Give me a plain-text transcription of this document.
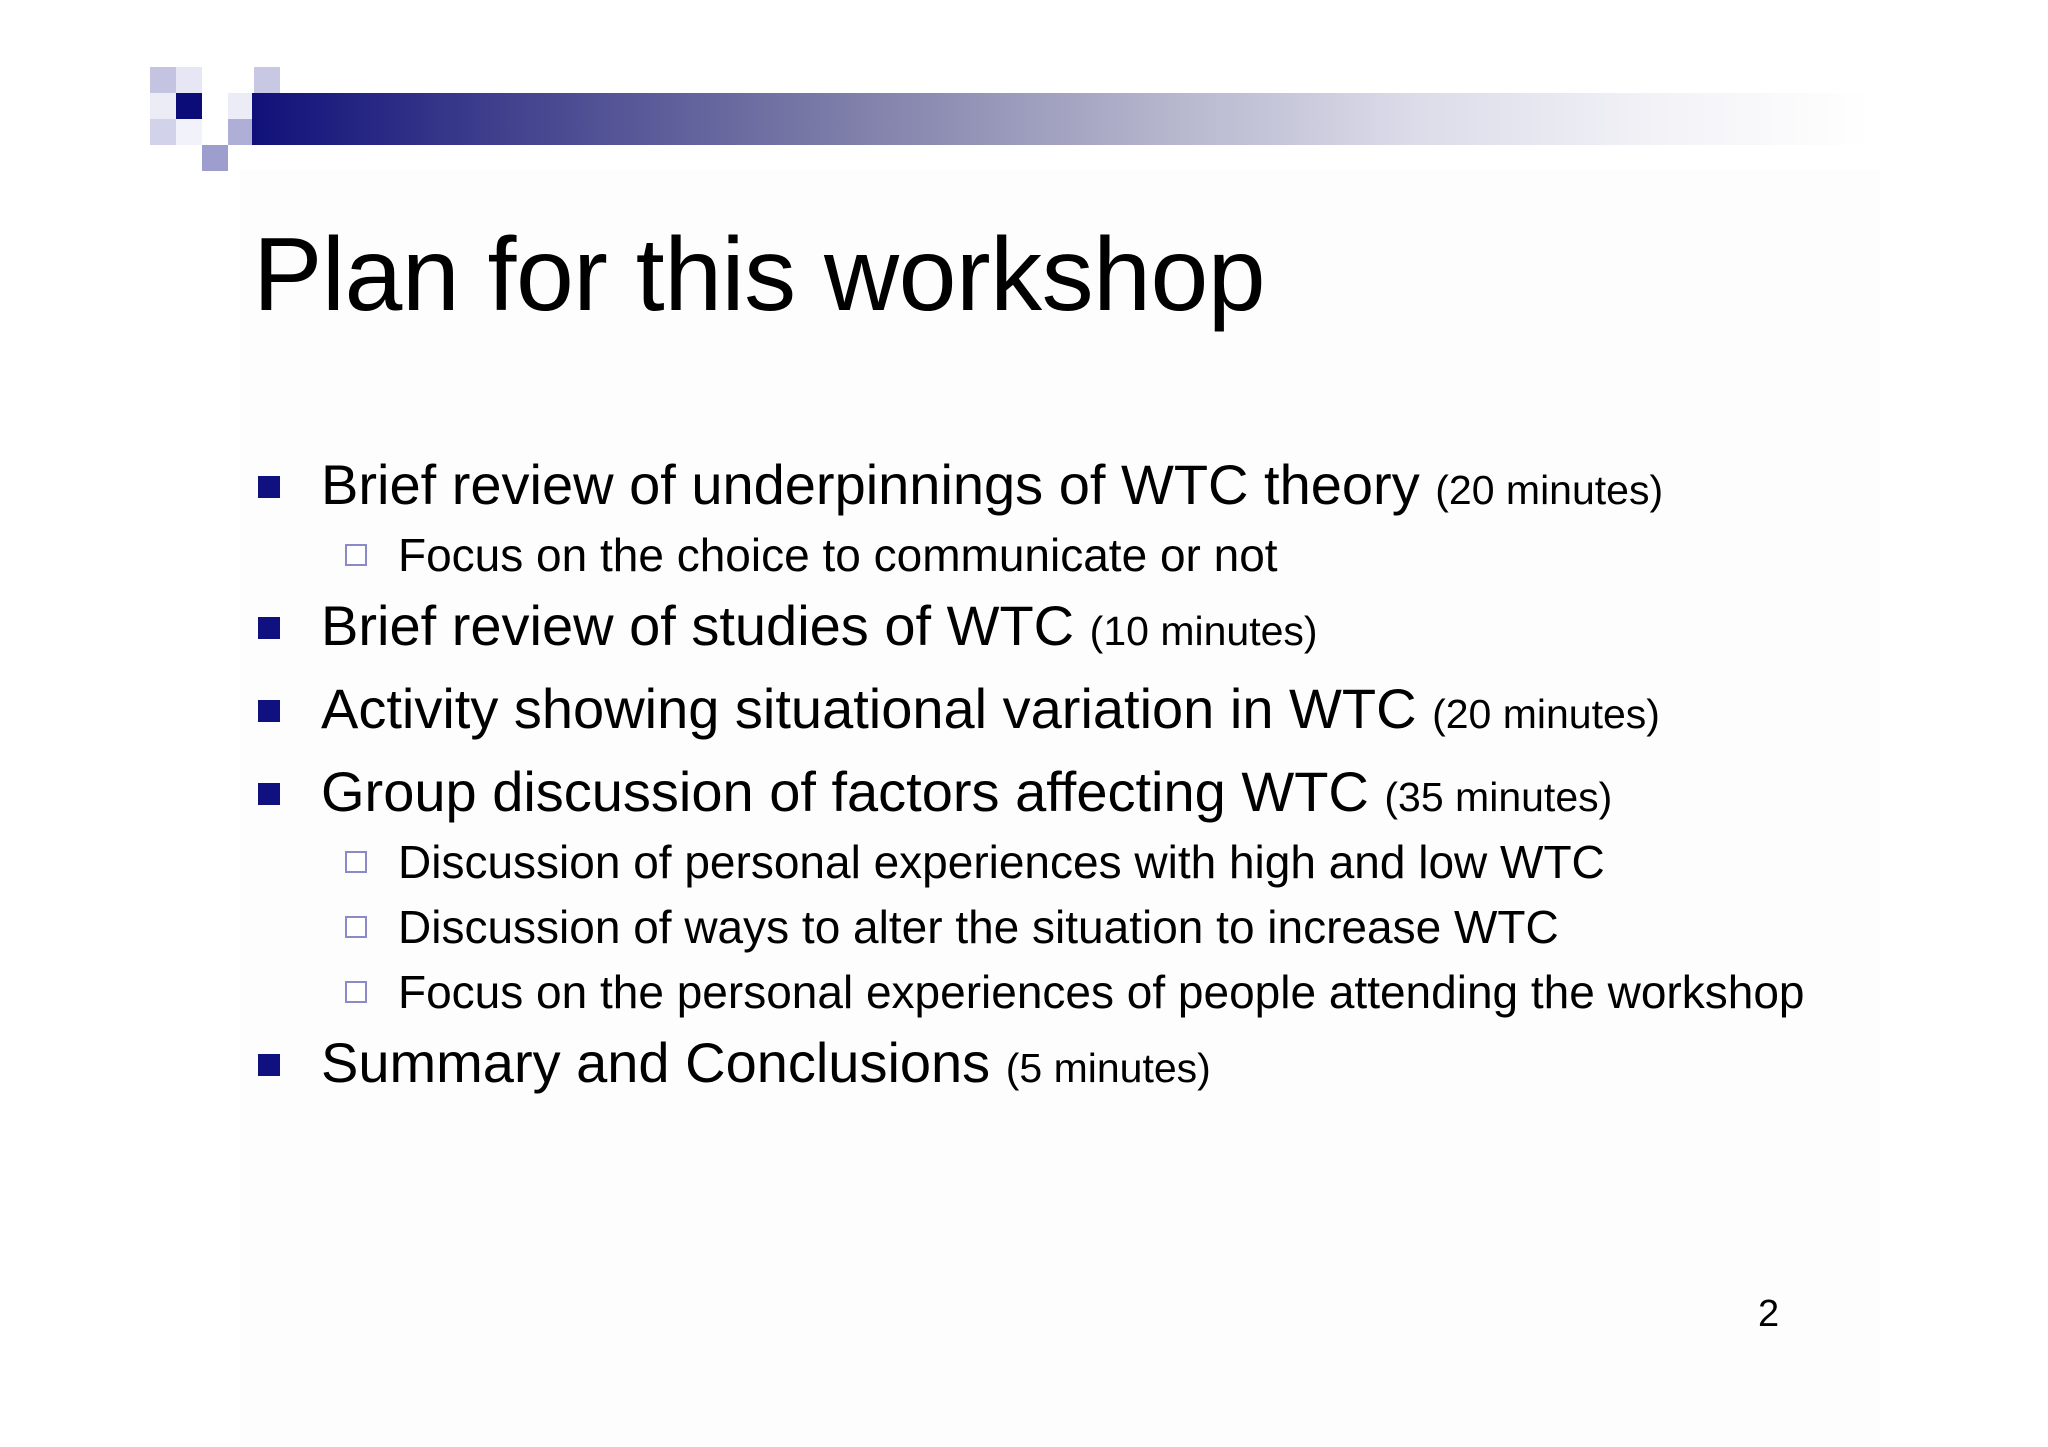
Plan for this workshop
Brief review of underpinnings of WTC theory (20 minutes)
Focus on the choice to communicate or not
Brief review of studies of WTC (10 minutes)
Activity showing situational variation in WTC (20 minutes)
Group discussion of factors affecting WTC (35 minutes)
Discussion of personal experiences with high and low WTC
Discussion of ways to alter the situation to increase WTC
Focus on the personal experiences of people attending the workshop
Summary and Conclusions (5 minutes)
2
